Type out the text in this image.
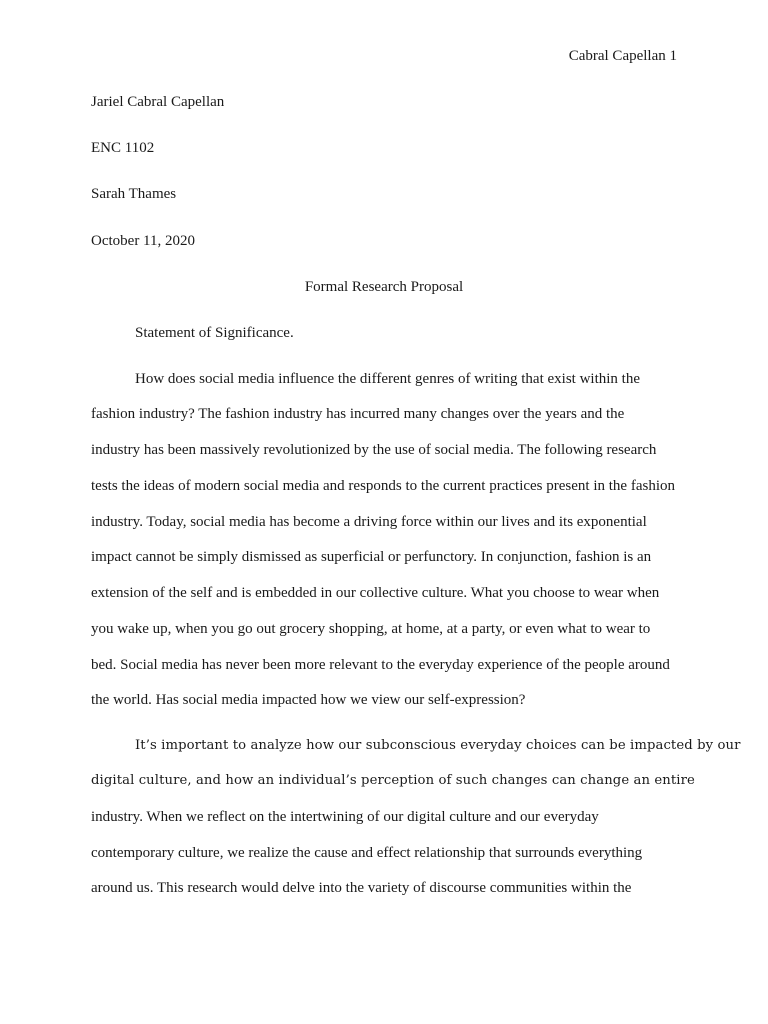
Cabral Capellan 1
Jariel Cabral Capellan
ENC 1102
Sarah Thames
October 11, 2020
Formal Research Proposal
Statement of Significance.
How does social media influence the different genres of writing that exist within the
fashion industry? The fashion industry has incurred many changes over the years and the
industry has been massively revolutionized by the use of social media. The following research
tests the ideas of modern social media and responds to the current practices present in the fashion
industry. Today, social media has become a driving force within our lives and its exponential
impact cannot be simply dismissed as superficial or perfunctory. In conjunction, fashion is an
extension of the self and is embedded in our collective culture. What you choose to wear when
you wake up, when you go out grocery shopping, at home, at a party, or even what to wear to
bed. Social media has never been more relevant to the everyday experience of the people around
the world. Has social media impacted how we view our self-expression?
It’s important to analyze how our subconscious everyday choices can be impacted by our
digital culture, and how an individual’s perception of such changes can change an entire
industry. When we reflect on the intertwining of our digital culture and our everyday
contemporary culture, we realize the cause and effect relationship that surrounds everything
around us. This research would delve into the variety of discourse communities within the
